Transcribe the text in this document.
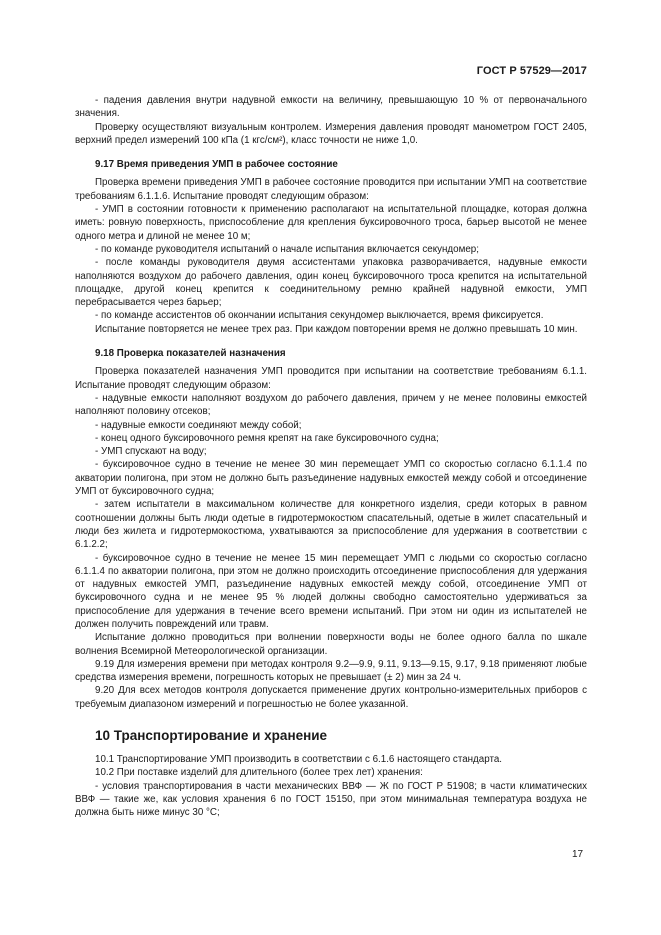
ГОСТ Р 57529—2017

- падения давления внутри надувной емкости на величину, превышающую 10 % от первоначального значения.

Проверку осуществляют визуальным контролем. Измерения давления проводят манометром ГОСТ 2405, верхний предел измерений 100 кПа (1 кгс/см²), класс точности не ниже 1,0.

9.17 Время приведения УМП в рабочее состояние

Проверка времени приведения УМП в рабочее состояние проводится при испытании УМП на соответствие требованиям 6.1.1.6. Испытание проводят следующим образом:

- УМП в состоянии готовности к применению располагают на испытательной площадке, которая должна иметь: ровную поверхность, приспособление для крепления буксировочного троса, барьер высотой не менее одного метра и длиной не менее 10 м;

- по команде руководителя испытаний о начале испытания включается секундомер;

- после команды руководителя двумя ассистентами упаковка разворачивается, надувные емкости наполняются воздухом до рабочего давления, один конец буксировочного троса крепится на испытательной площадке, другой конец крепится к соединительному ремню крайней надувной емкости, УМП перебрасывается через барьер;

- по команде ассистентов об окончании испытания секундомер выключается, время фиксируется.

Испытание повторяется не менее трех раз. При каждом повторении время не должно превышать 10 мин.

9.18 Проверка показателей назначения

Проверка показателей назначения УМП проводится при испытании на соответствие требованиям 6.1.1. Испытание проводят следующим образом:

- надувные емкости наполняют воздухом до рабочего давления, причем у не менее половины емкостей наполняют половину отсеков;

- надувные емкости соединяют между собой;

- конец одного буксировочного ремня крепят на гаке буксировочного судна;

- УМП спускают на воду;

- буксировочное судно в течение не менее 30 мин перемещает УМП со скоростью согласно 6.1.1.4 по акватории полигона, при этом не должно быть разъединение надувных емкостей между собой и отсоединение УМП от буксировочного судна;

- затем испытатели в максимальном количестве для конкретного изделия, среди которых в равном соотношении должны быть люди одетые в гидротермокостюм спасательный, одетые в жилет спасательный и люди без жилета и гидротермокостюма, ухватываются за приспособление для удержания в соответствии с 6.1.2.2;

- буксировочное судно в течение не менее 15 мин перемещает УМП с людьми со скоростью согласно 6.1.1.4 по акватории полигона, при этом не должно происходить отсоединение приспособления для удержания от надувных емкостей УМП, разъединение надувных емкостей между собой, отсоединение УМП от буксировочного судна и не менее 95 % людей должны свободно самостоятельно удерживаться за приспособление для удержания в течение всего времени испытаний. При этом ни один из испытателей не должен получить повреждений или травм.

Испытание должно проводиться при волнении поверхности воды не более одного балла по шкале волнения Всемирной Метеорологической организации.

9.19 Для измерения времени при методах контроля 9.2—9.9, 9.11, 9.13—9.15, 9.17, 9.18 применяют любые средства измерения времени, погрешность которых не превышает (± 2) мин за 24 ч.

9.20 Для всех методов контроля допускается применение других контрольно-измерительных приборов с требуемым диапазоном измерений и погрешностью не более указанной.

10 Транспортирование и хранение

10.1 Транспортирование УМП производить в соответствии с 6.1.6 настоящего стандарта.

10.2 При поставке изделий для длительного (более трех лет) хранения:

- условия транспортирования в части механических ВВФ — Ж по ГОСТ Р 51908; в части климатических ВВФ — такие же, как условия хранения 6 по ГОСТ 15150, при этом минимальная температура воздуха не должна быть ниже минус 30 °С;

17
